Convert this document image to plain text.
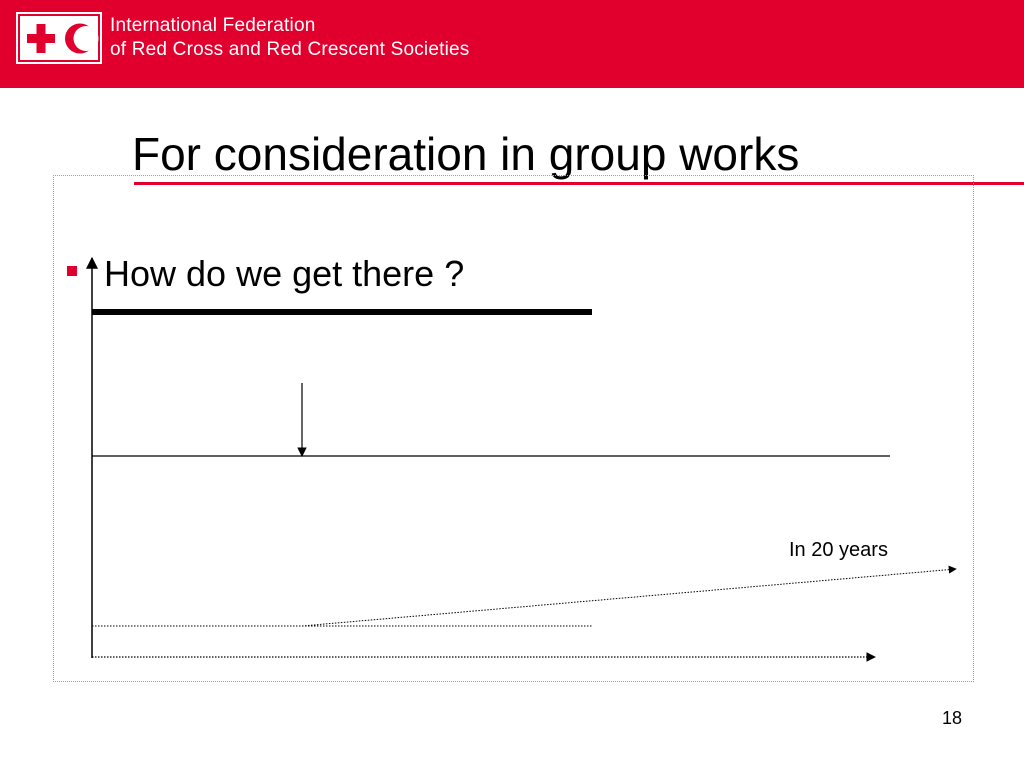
International Federation
of Red Cross and Red Crescent Societies
For consideration in group works
How do we get there ?
In 20 years
18
